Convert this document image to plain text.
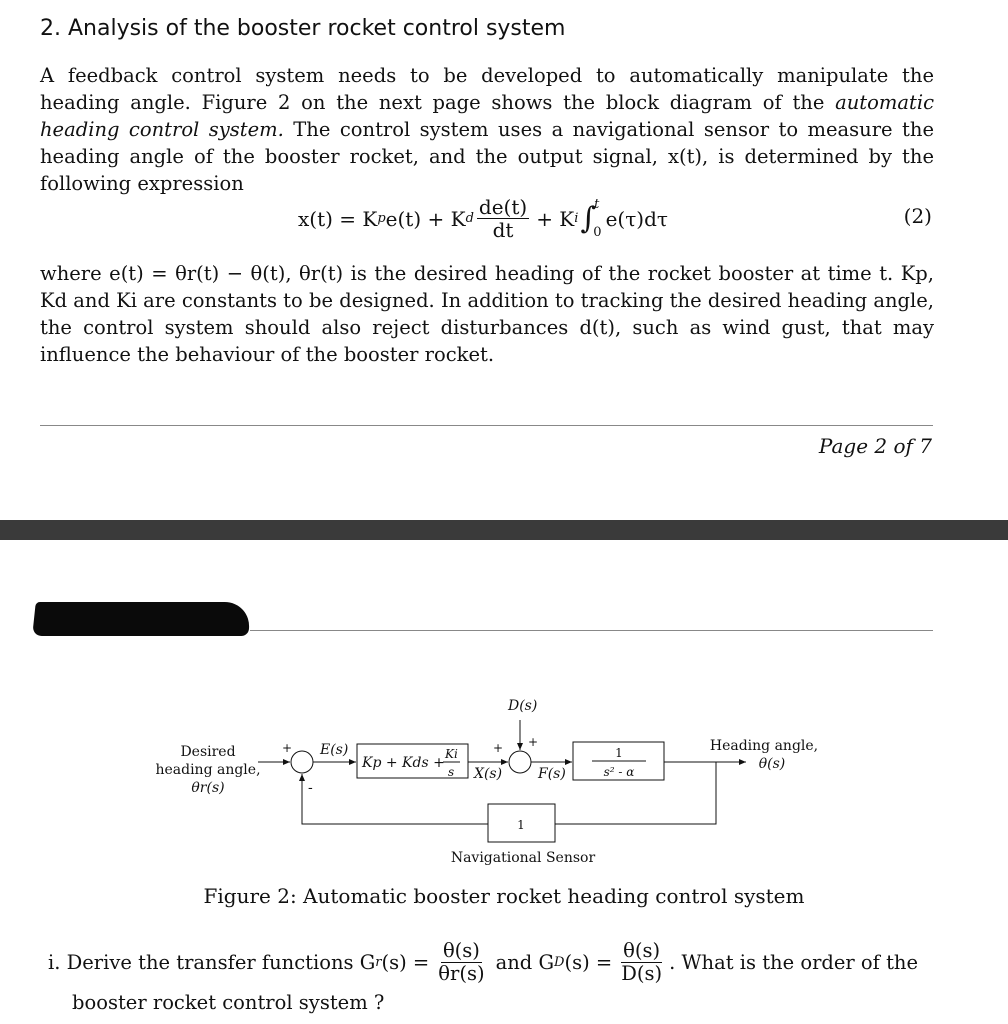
2. Analysis of the booster rocket control system
A feedback control system needs to be developed to automatically manipulate the heading angle. Figure 2 on the next page shows the block diagram of the automatic heading control system. The control system uses a navigational sensor to measure the heading angle of the booster rocket, and the output signal, x(t), is determined by the following expression
x(t) = K p e(t) + K d $\frac{de(t)}{dt} + K$ i ∫
t
0
e(τ)dτ	(2)
where e(t) = θr(t) − θ(t), θr(t) is the desired heading of the rocket booster at time t. Kp, Kd and Ki are constants to be designed. In addition to tracking the desired heading angle, the control system should also reject disturbances d(t), such as wind gust, that may influence the behaviour of the booster rocket.
Page 2 of 7
Desired
heading angle,
θr(s)
+
-
E(s)
Kp + Kds +
Ki
s X(s)
D(s)
+ +
F(s)
1
s² - α
Heading angle,
θ(s)
1
Navigational Sensor
Figure 2: Automatic booster rocket heading control system
i. Derive the transfer functions G r $(s) = \frac{\theta(s)}{\theta r(s)}$ and G D $(s) = \frac{\theta(s)}{D(s)}$ . What is the order of the
booster rocket control system ?
